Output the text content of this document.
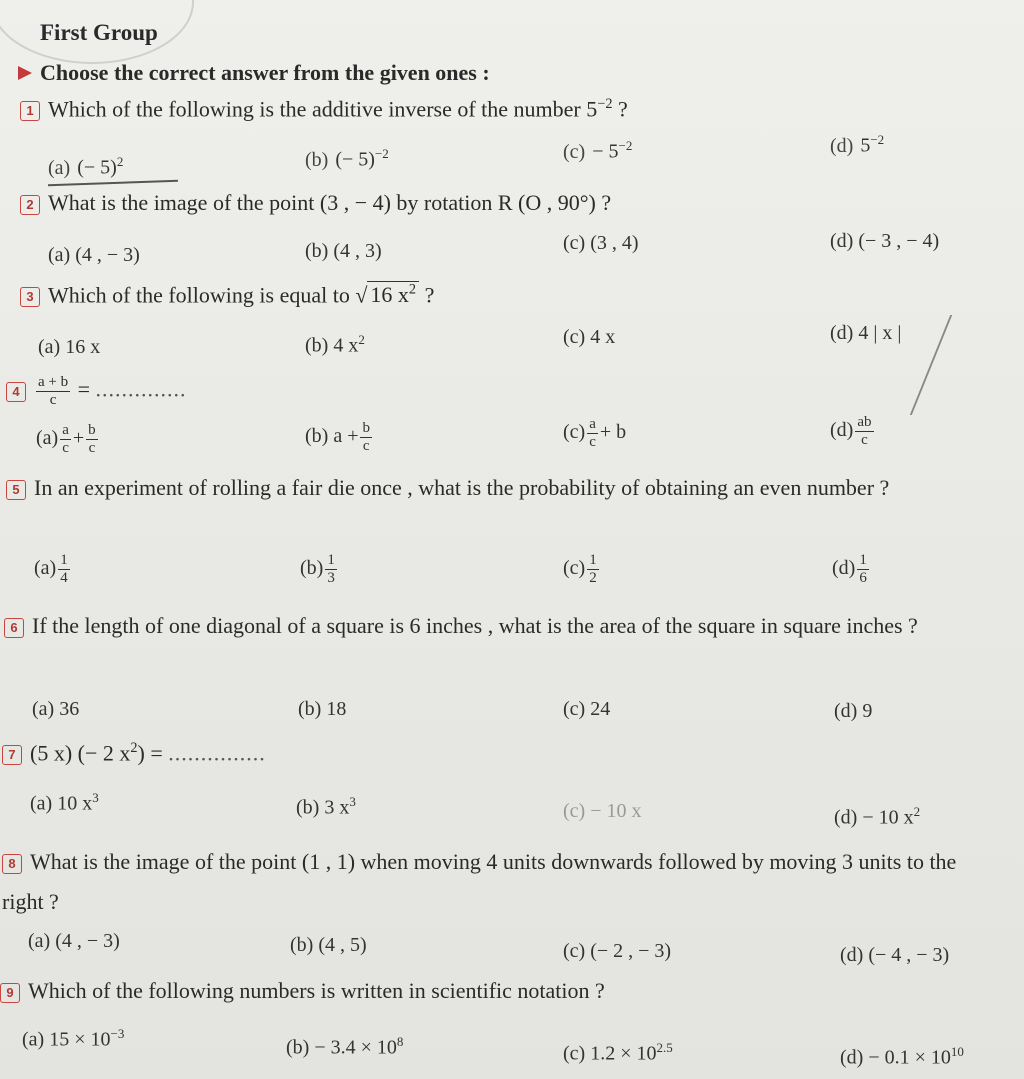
First Group
Choose the correct answer from the given ones :
1 Which of the following is the additive inverse of the number $5^{-2}$ ?
(a) (− 5)$^2$	(b) (− 5)$^{-2}$	$(c) - 5^{-2}$	(d) $5^{-2}$
2 What is the image of the point (3 , − 4) by rotation R (O , 90°) ?
(a) (4 , − 3)	(b) (4 , 3)	(c) (3 , 4)	(d) (− 3 , − 4)
3 Which of the following is equal to √ 16 $x^2$ ?
(a) 16 x	(b) 4 $x^2$	(c) 4 x	(d) 4 | x |
$4 \frac{a + b}{c}$ = ..............
$(a) \frac{a}{c} + \frac{b}{c}$	(b) $a + \frac{b}{c}$	$(c) \frac{a}{c} + b$	$(d) \frac{ab}{c}$
5 In an experiment of rolling a fair die once , what is the probability of obtaining an even number ?
$(a) \frac{1}{4}$	$(b) \frac{1}{3}$	$(c) \frac{1}{2}$	$(d) \frac{1}{6}$
6 If the length of one diagonal of a square is 6 inches , what is the area of the square in square inches ?
(a) 36	(b) 18	(c) 24	(d) 9
7 (5 x) (− 2 $x^2$) = ...............
(a) 10 $x^3$	(b) 3 $x^3$	(c) − 10 x	(d) − 10 $x^2$
8 What is the image of the point (1 , 1) when moving 4 units downwards followed by moving 3 units to the right ?
(a) (4 , − 3)	(b) (4 , 5)	(c) (− 2 , − 3)	(d) (− 4 , − 3)
9 Which of the following numbers is written in scientific notation ?
(a) $15 \times 10^{-3}$
$(b) - 3.4 \times 10^8$
(c) $1.2 \times 10^{2.5}$	$(d) - 0.1 \times 10^{10}$
